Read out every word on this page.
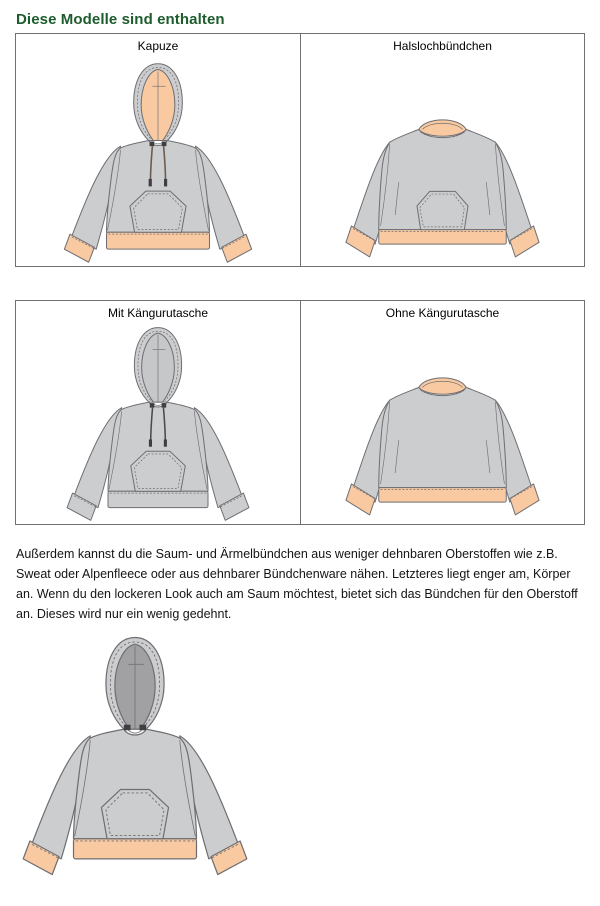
Diese Modelle sind enthalten
Kapuze	Halslochbündchen
Mit Kängurutasche	Ohne Kängurutasche

Außerdem kannst du die Saum- und Ärmelbündchen aus weniger dehnbaren Oberstoffen wie z.B. Sweat oder Alpenfleece oder aus dehnbarer Bündchenware nähen. Letzteres liegt enger am, Körper an. Wenn du den lockeren Look auch am Saum möchtest, bietet sich das Bündchen für den Oberstoff an. Dieses wird nur ein wenig gedehnt.
